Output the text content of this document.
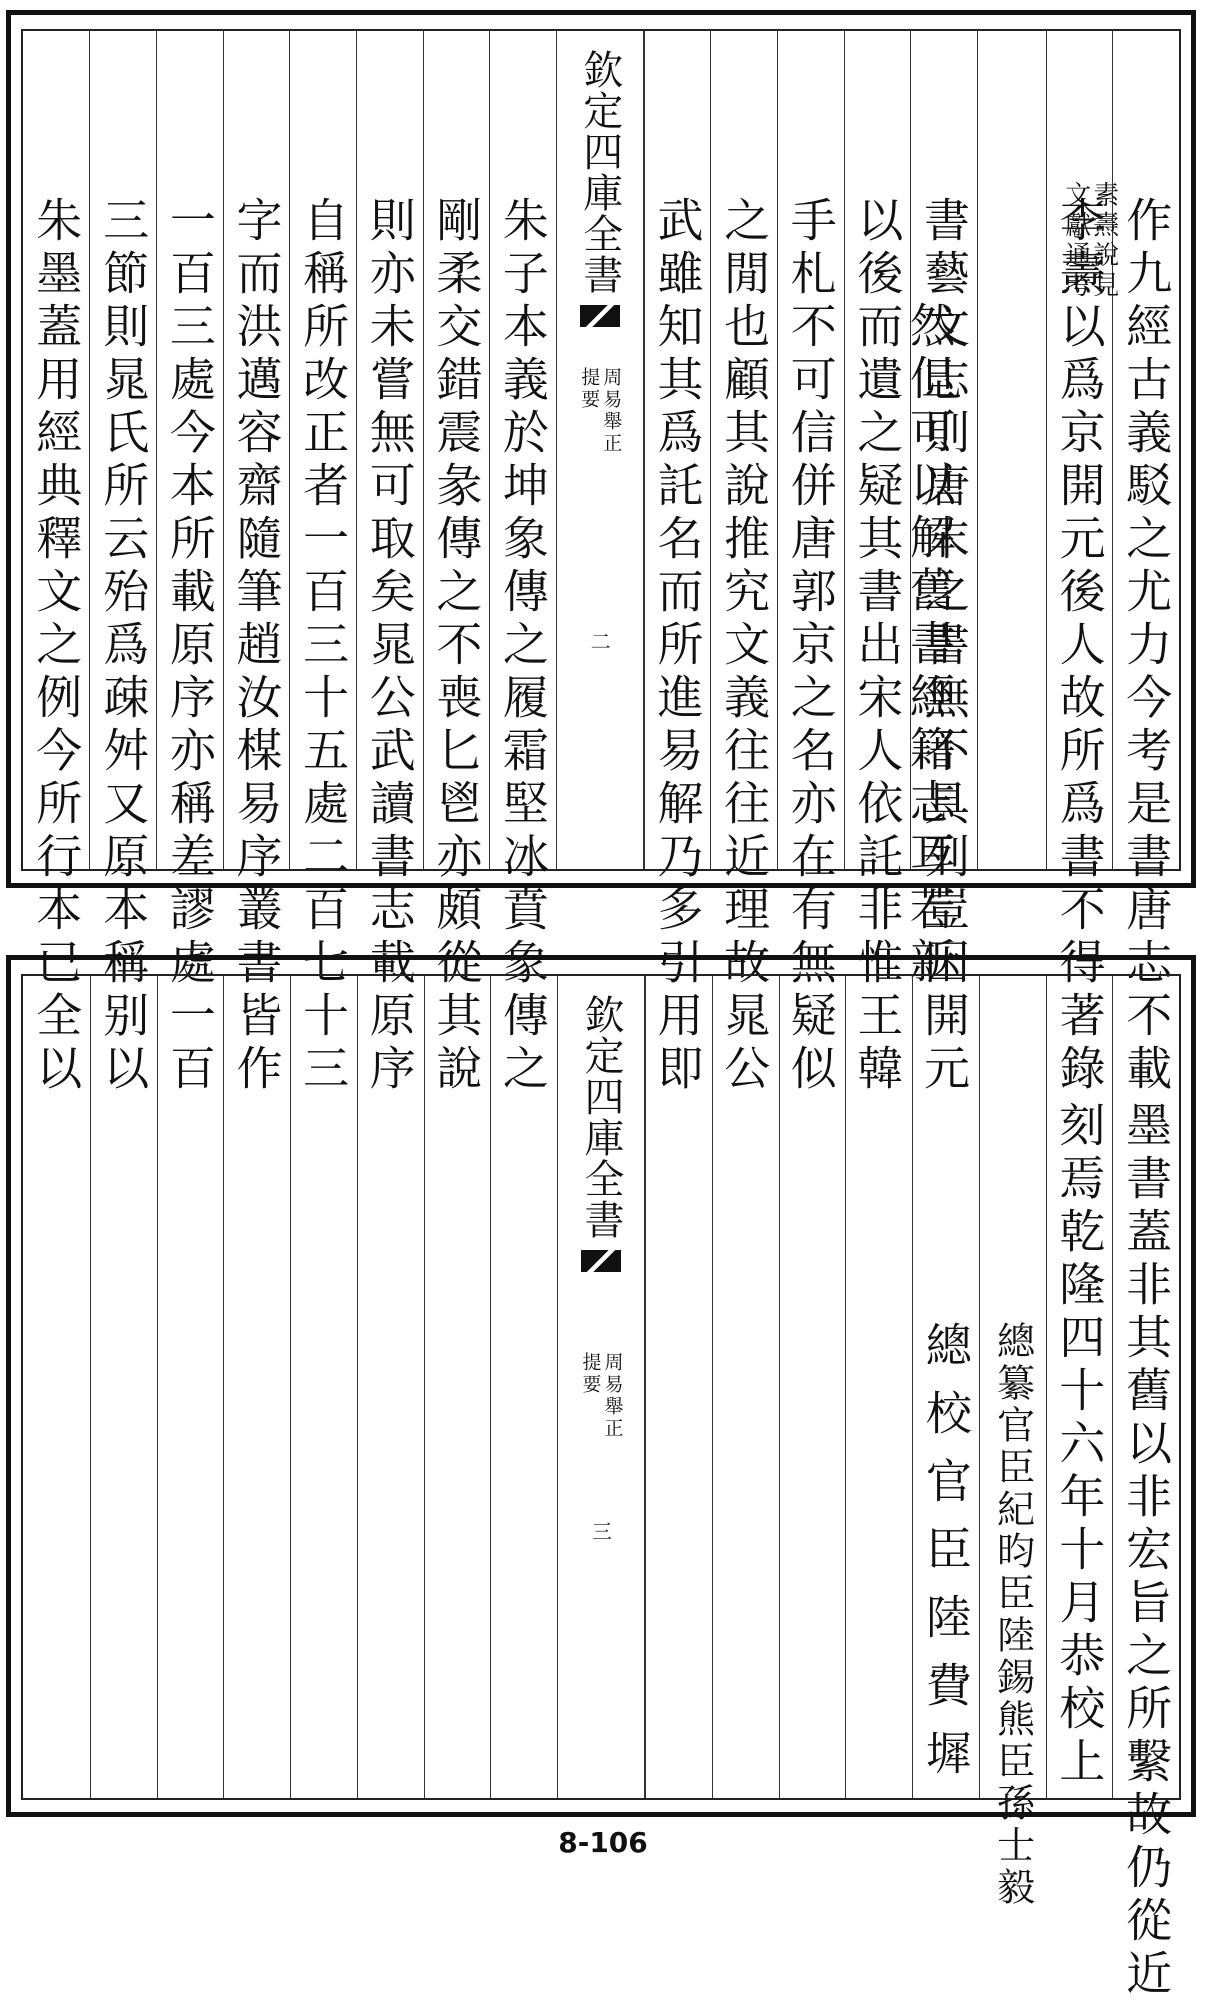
作九經古義駁之尤力今考是書唐志不載
李燾以爲京開元後人故所爲書不得著錄
素燾說見
文獻通考
然但可以解舊書經籍志耳若新
書藝文志則唐末之書無不具列豈因開元
以後而遺之疑其書出宋人依託非惟王韓
手札不可信併唐郭京之名亦在有無疑似
之閒也顧其說推究文義往往近理故晁公
武雖知其爲託名而所進易解乃多引用即
欽定四庫全書
周易舉正
提要
二
朱子本義於坤象傳之履霜堅冰賁象傳之
剛柔交錯震彖傳之不喪匕鬯亦頗從其說
則亦未嘗無可取矣晁公武讀書志載原序
自稱所改正者一百三十五處二百七十三
字而洪邁容齋隨筆趙汝楳易序叢書皆作
一百三處今本所載原序亦稱差謬處一百
三節則晁氏所云殆爲疎舛又原本稱别以
朱墨蓋用經典釋文之例今所行本已全以
墨書蓋非其舊以非宏旨之所繫故仍從近
刻焉乾隆四十六年十月恭校上
總纂官臣紀昀臣陸錫熊臣孫士毅
總校官臣陸費墀
欽定四庫全書
周易舉正
提要
三
8-106
